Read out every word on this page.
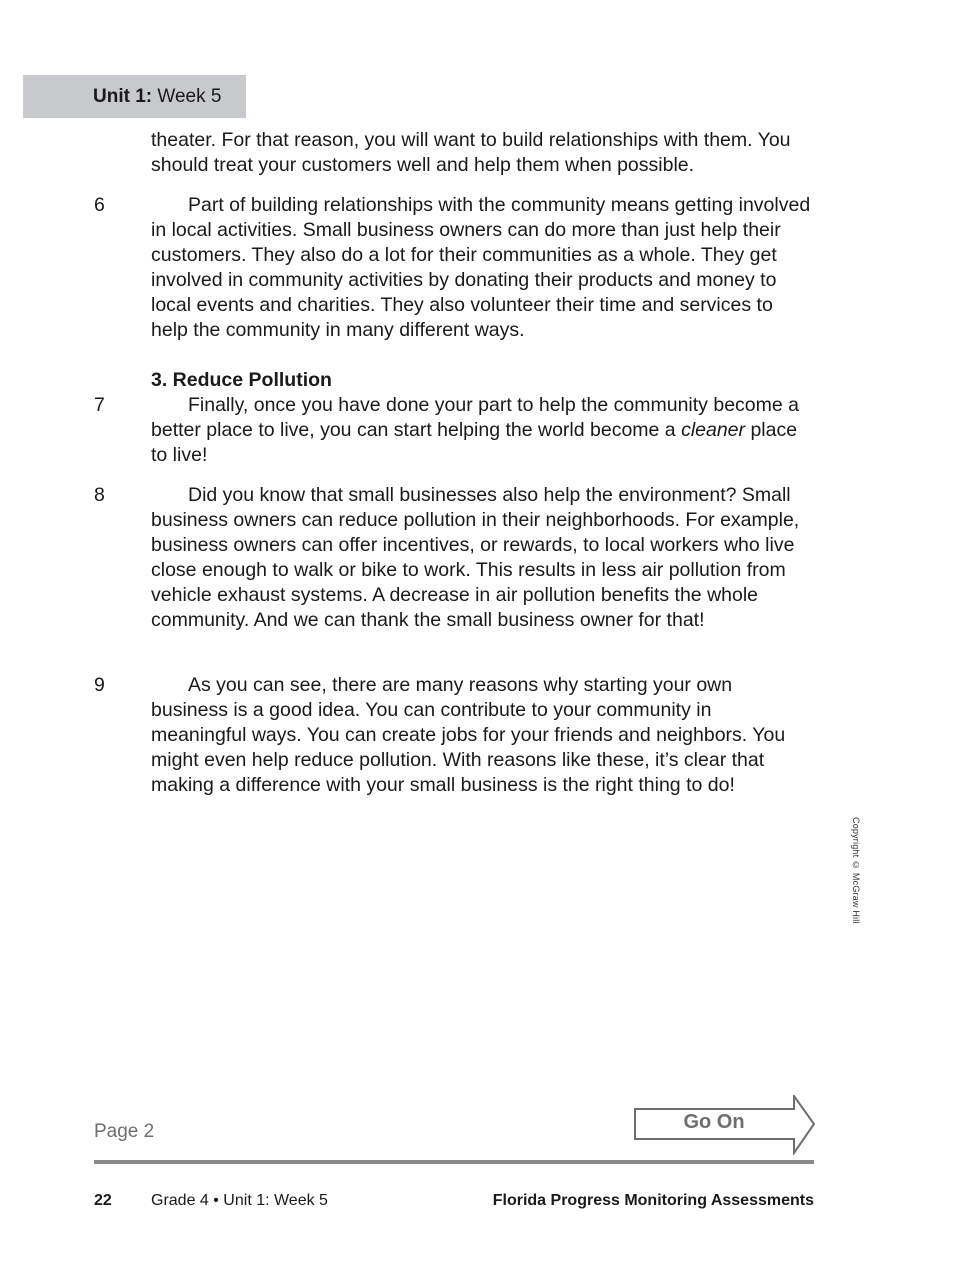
Unit 1: Week 5

theater. For that reason, you will want to build relationships with them. You should treat your customers well and help them when possible.

6	Part of building relationships with the community means getting involved in local activities. Small business owners can do more than just help their customers. They also do a lot for their communities as a whole. They get involved in community activities by donating their products and money to local events and charities. They also volunteer their time and services to help the community in many different ways.

3. Reduce Pollution
7	Finally, once you have done your part to help the community become a better place to live, you can start helping the world become a cleaner place to live!

8	Did you know that small businesses also help the environment? Small business owners can reduce pollution in their neighborhoods. For example, business owners can offer incentives, or rewards, to local workers who live close enough to walk or bike to work. This results in less air pollution from vehicle exhaust systems. A decrease in air pollution benefits the whole community. And we can thank the small business owner for that!

9	As you can see, there are many reasons why starting your own business is a good idea. You can contribute to your community in meaningful ways. You can create jobs for your friends and neighbors. You might even help reduce pollution. With reasons like these, it’s clear that making a difference with your small business is the right thing to do!

Copyright © McGraw Hill
Page 2	Go On
22 Grade 4 • Unit 1: Week 5	Florida Progress Monitoring Assessments
